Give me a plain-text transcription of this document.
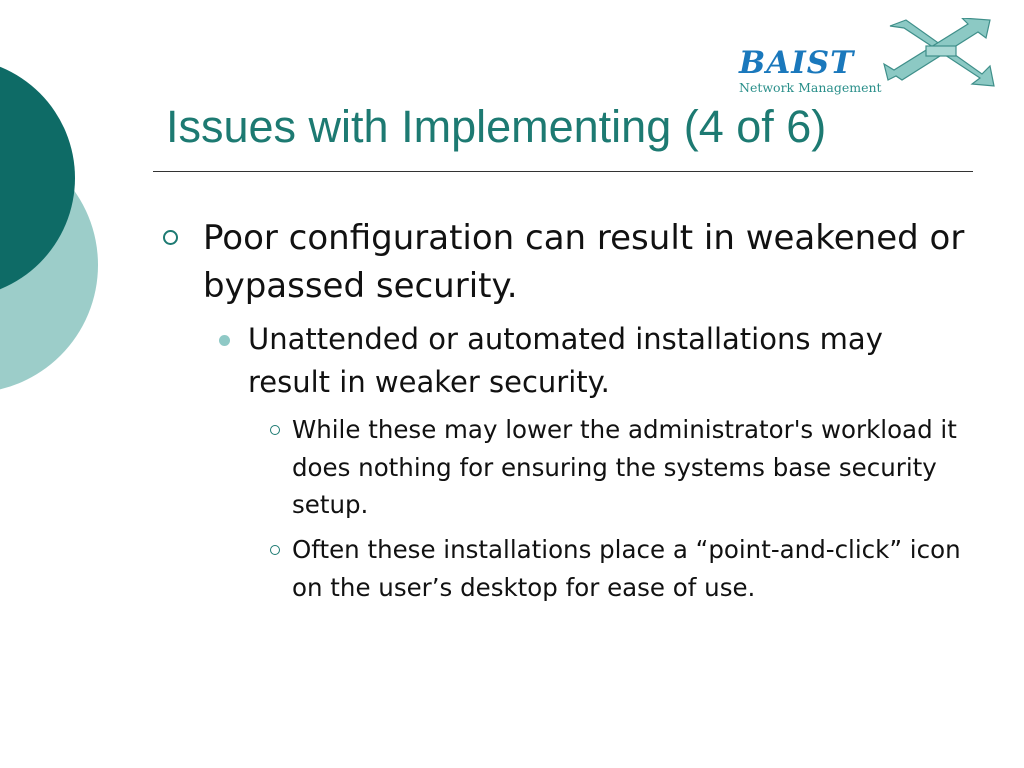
BAIST
Network Management
Issues with Implementing (4 of 6)
Poor configuration can result in weakened or bypassed security.
Unattended or automated installations may result in weaker security.
While these may lower the administrator's workload it does nothing for ensuring the systems base security setup.
Often these installations place a “point-and-click” icon on the user’s desktop for ease of use.
